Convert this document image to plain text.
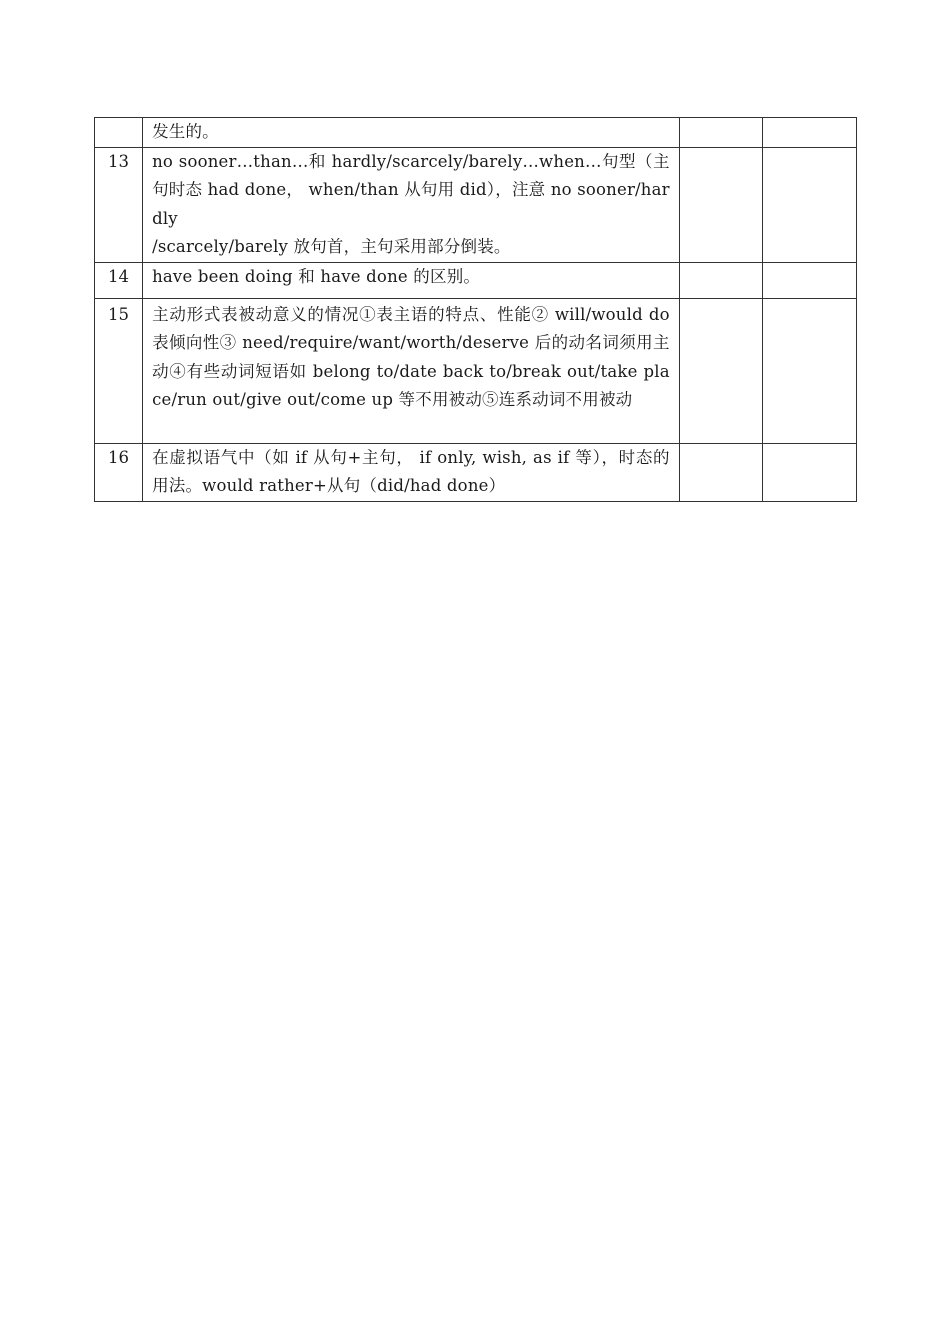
	发生的。		

13	no sooner…than…和 hardly/scarcely/barely…when…句型（主句时态 had done， when/than 从句用 did），注意 no sooner/hardly
/scarcely/barely 放句首，主句采用部分倒装。		

14	have been doing 和 have done 的区别。		

15	主动形式表被动意义的情况①表主语的特点、性能② will/would do 表倾向性③ need/require/want/worth/deserve 后的动名词须用主动④有些动词短语如 belong to/date back to/break out/take place/run out/give out/come up 等不用被动⑤连系动词不用被动		

16	在虚拟语气中（如 if 从句+主句， if only, wish, as if 等），时态的用法。would rather+从句（did/had done）		
